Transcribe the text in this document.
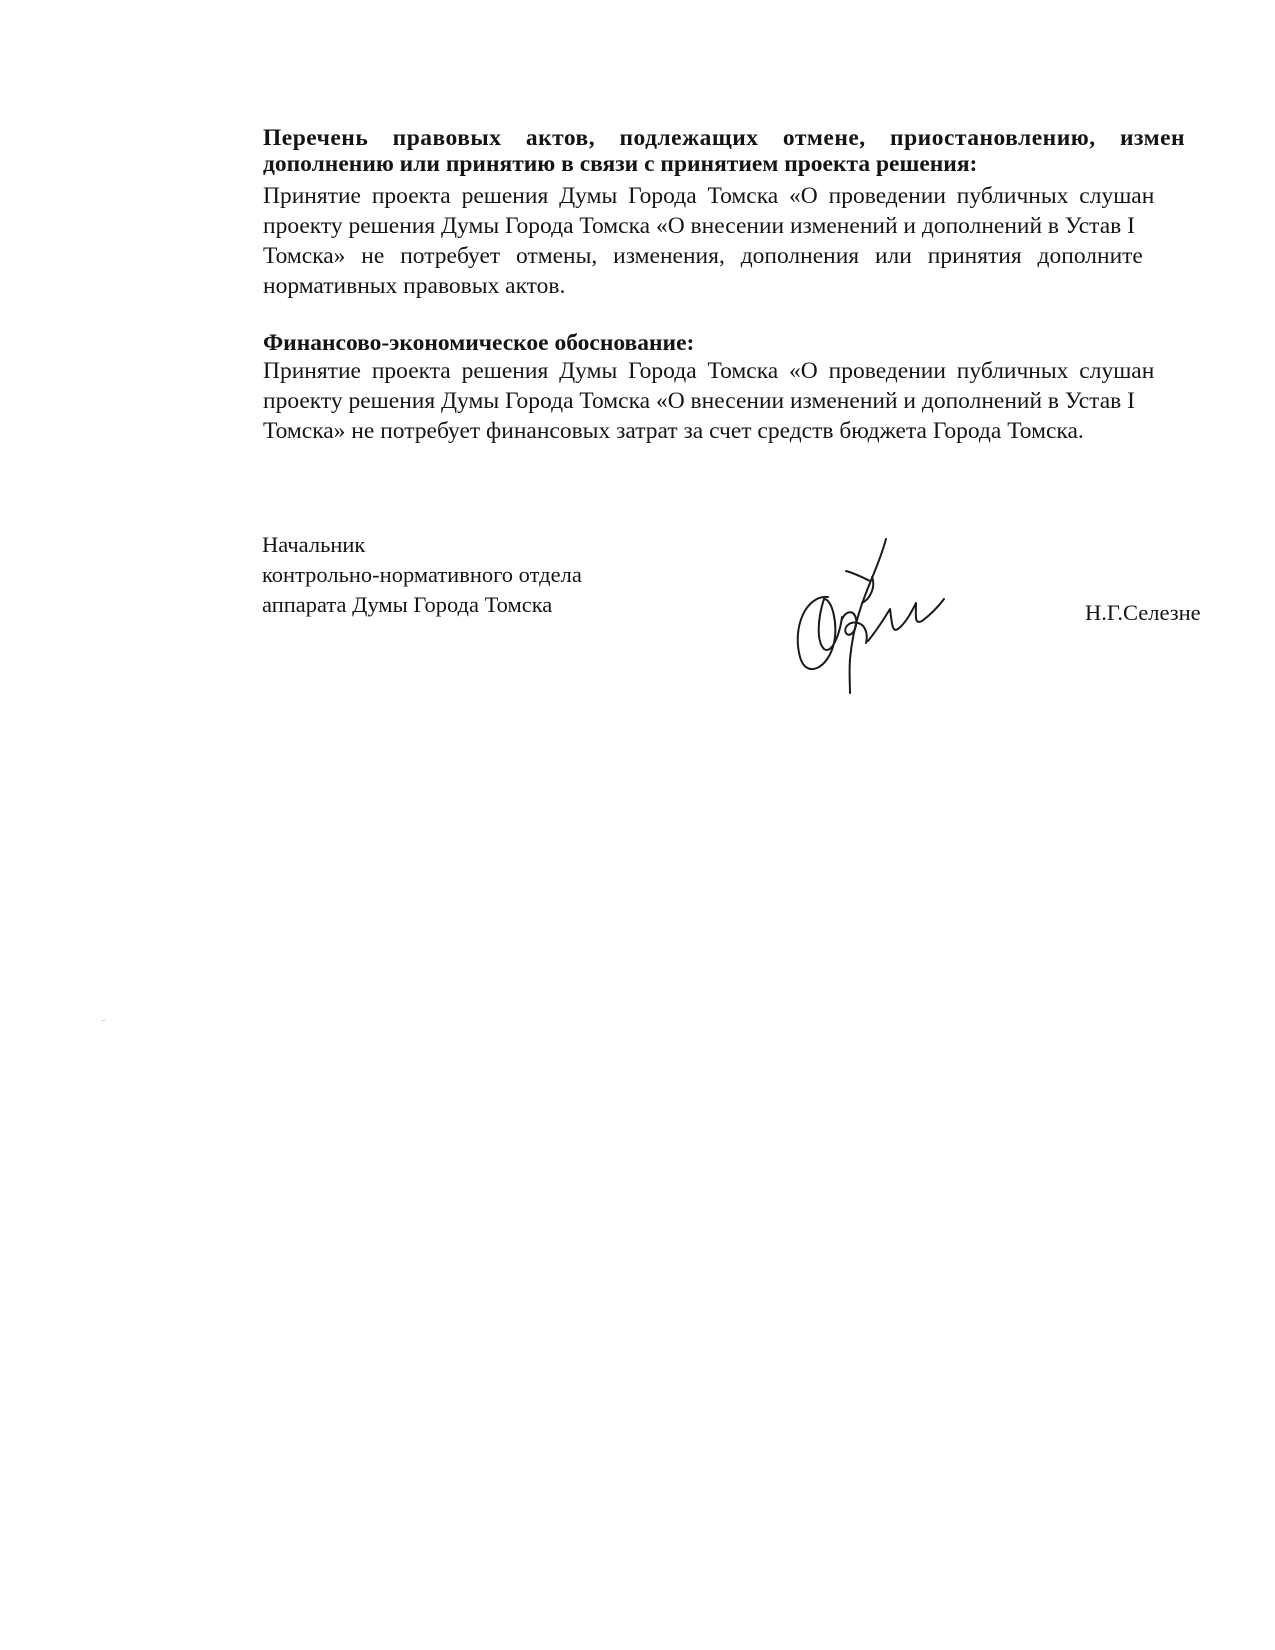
Перечень правовых актов, подлежащих отмене, приостановлению, измен
дополнению или принятию в связи с принятием проекта решения:
Принятие проекта решения Думы Города Томска «О проведении публичных слушан
проекту решения Думы Города Томска «О внесении изменений и дополнений в Устав I
Томска» не потребует отмены, изменения, дополнения или принятия дополните
нормативных правовых актов.
Финансово-экономическое обоснование:
Принятие проекта решения Думы Города Томска «О проведении публичных слушан
проекту решения Думы Города Томска «О внесении изменений и дополнений в Устав I
Томска» не потребует финансовых затрат за счет средств бюджета Города Томска.
Начальник
контрольно-нормативного отдела
аппарата Думы Города Томска	Н.Г.Селезне
